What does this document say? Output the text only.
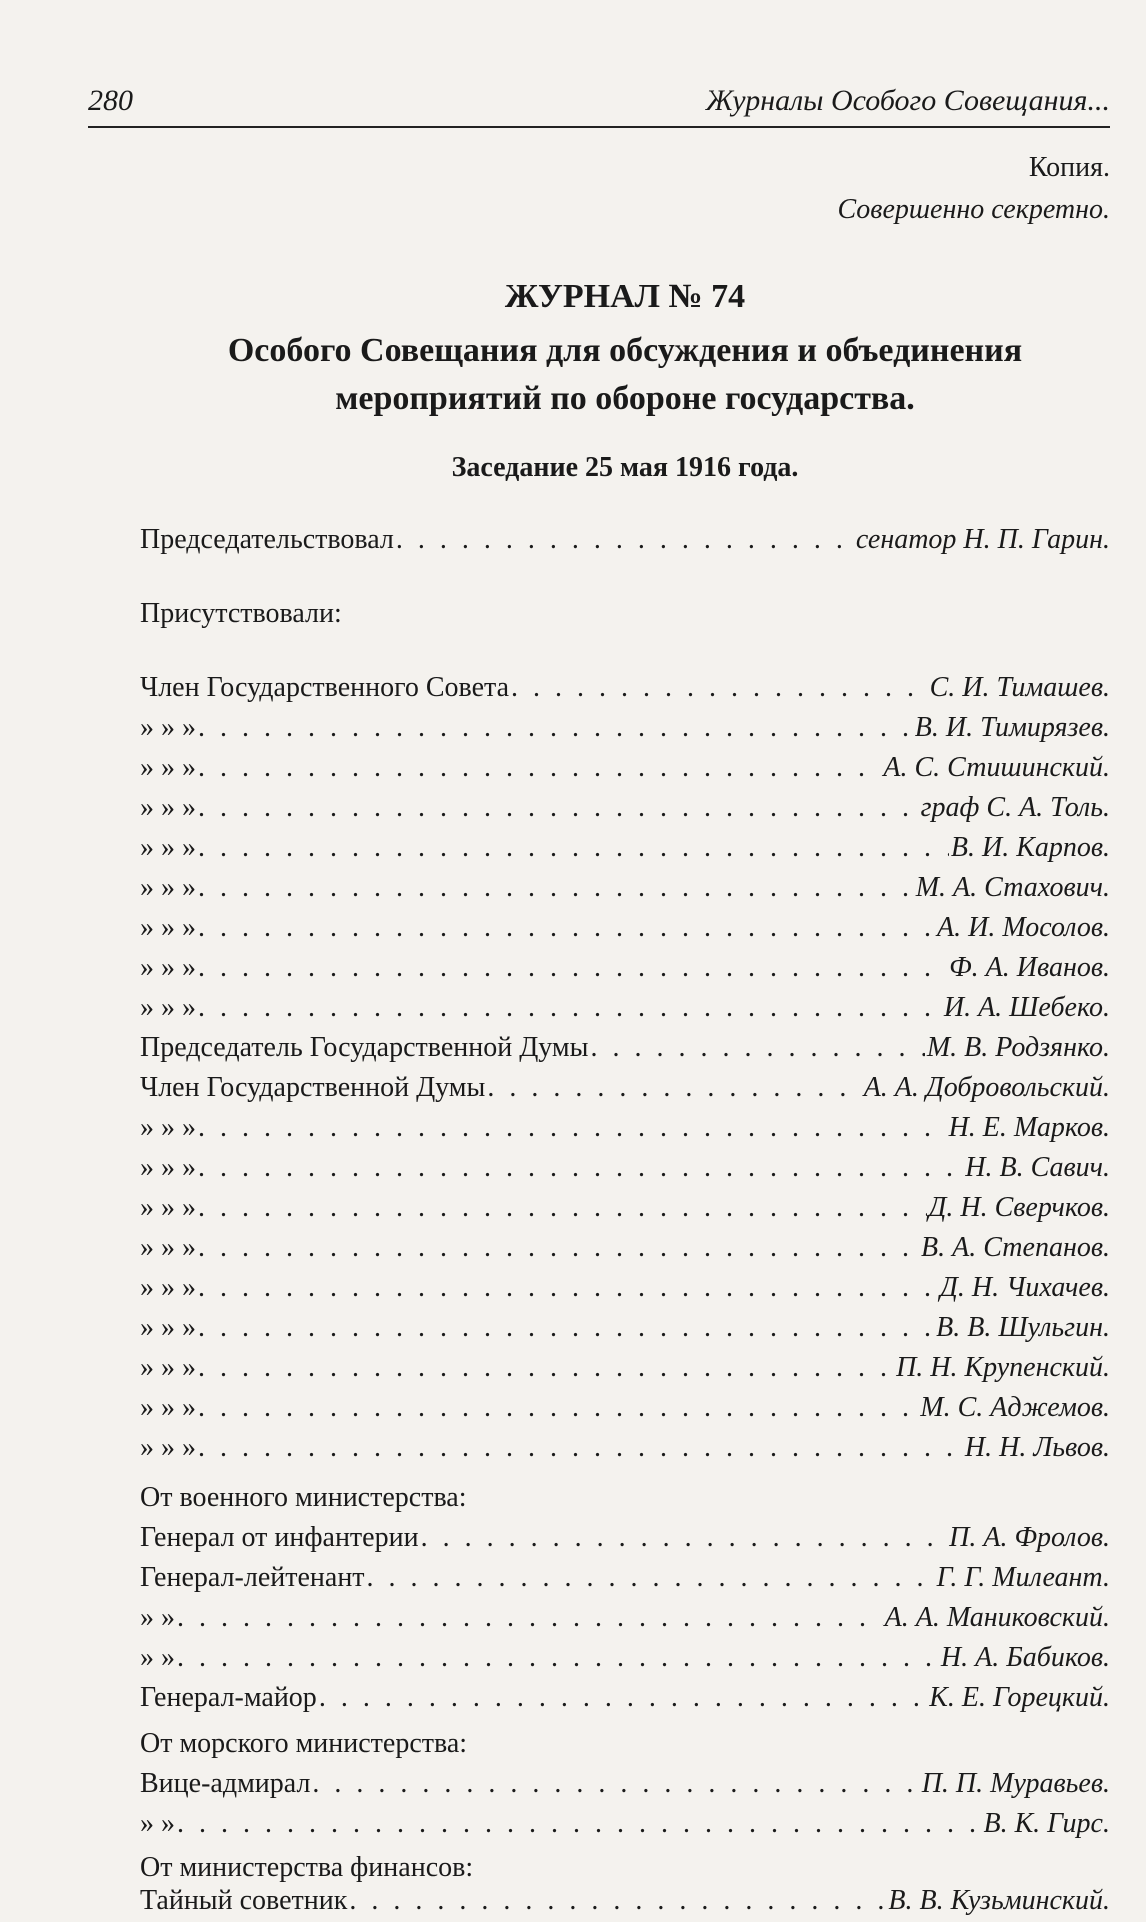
280	Журналы Особого Совещания...
Копия.
Совершенно секретно.
ЖУРНАЛ № 74
Особого Совещания для обсуждения и объединения
мероприятий по обороне государства.
Заседание 25 мая 1916 года.
Председательствовал . . .	сенатор Н. П. Гарин.
Присутствовали:
Член Государственного Совета . . .	С. И. Тимашев.
» » » . . .	В. И. Тимирязев.
» » » . . .	А. С. Стишинский.
» » » . . .	граф С. А. Толь.
» » » . . .	В. И. Карпов.
» » » . . .	М. А. Стахович.
» » » . . .	А. И. Мосолов.
» » » . . .	Ф. А. Иванов.
» » » . . .	И. А. Шебеко.
Председатель Государственной Думы . . .	М. В. Родзянко.
Член Государственной Думы . . .	А. А. Добровольский.
» » » . . .	Н. Е. Марков.
» » » . . .	Н. В. Савич.
» » » . . .	Д. Н. Сверчков.
» » » . . .	В. А. Степанов.
» » » . . .	Д. Н. Чихачев.
» » » . . .	В. В. Шульгин.
» » » . . .	П. Н. Крупенский.
» » » . . .	М. С. Аджемов.
» » » . . .	Н. Н. Львов.
От военного министерства:
Генерал от инфантерии . . .	П. А. Фролов.
Генерал-лейтенант . . .	Г. Г. Милеант.
» » . . .	А. А. Маниковский.
» » . . .	Н. А. Бабиков.
Генерал-майор . . .	К. Е. Горецкий.
От морского министерства:
Вице-адмирал . . .	П. П. Муравьев.
» » . . .	В. К. Гирс.
От министерства финансов:
Тайный советник . . .	В. В. Кузьминский.
